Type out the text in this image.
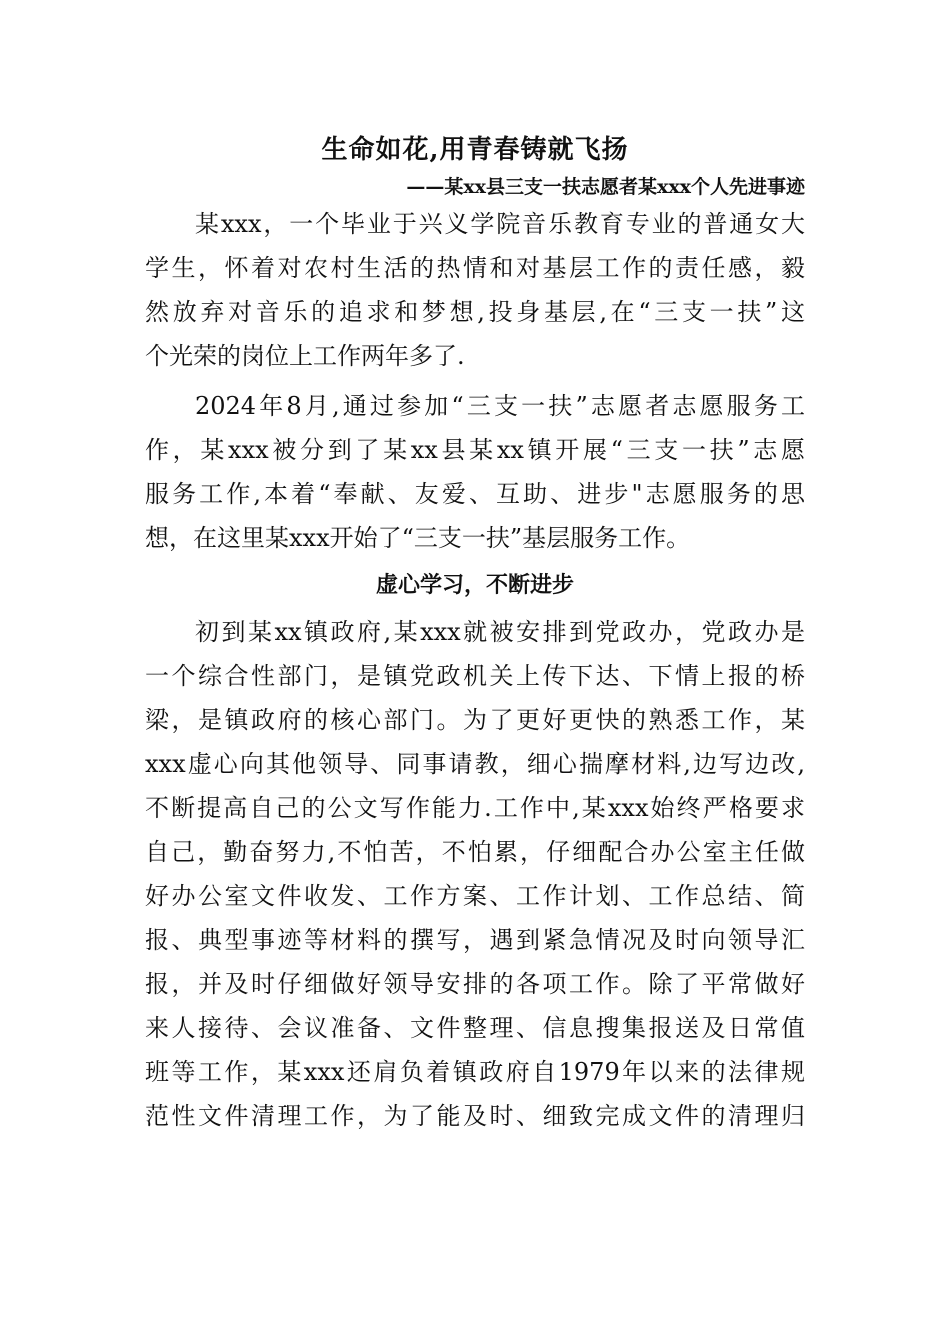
生命如花,用青春铸就飞扬
——某xx县三支一扶志愿者某xxx个人先进事迹

某xxx，一个毕业于兴义学院音乐教育专业的普通女大
学生，怀着对农村生活的热情和对基层工作的责任感，毅
然放弃对音乐的追求和梦想,投身基层,在“三支一扶”这
个光荣的岗位上工作两年多了.

2024年8月,通过参加“三支一扶”志愿者志愿服务工
作，某xxx被分到了某xx县某xx镇开展“三支一扶”志愿
服务工作,本着“奉献、友爱、互助、进步"志愿服务的思
想，在这里某xxx开始了“三支一扶”基层服务工作。

虚心学习，不断进步

初到某xx镇政府,某xxx就被安排到党政办，党政办是
一个综合性部门，是镇党政机关上传下达、下情上报的桥
梁，是镇政府的核心部门。为了更好更快的熟悉工作，某
xxx虚心向其他领导、同事请教，细心揣摩材料,边写边改,
不断提高自己的公文写作能力.工作中,某xxx始终严格要求
自己，勤奋努力,不怕苦，不怕累，仔细配合办公室主任做
好办公室文件收发、工作方案、工作计划、工作总结、简
报、典型事迹等材料的撰写，遇到紧急情况及时向领导汇
报，并及时仔细做好领导安排的各项工作。除了平常做好
来人接待、会议准备、文件整理、信息搜集报送及日常值
班等工作，某xxx还肩负着镇政府自1979年以来的法律规
范性文件清理工作，为了能及时、细致完成文件的清理归
